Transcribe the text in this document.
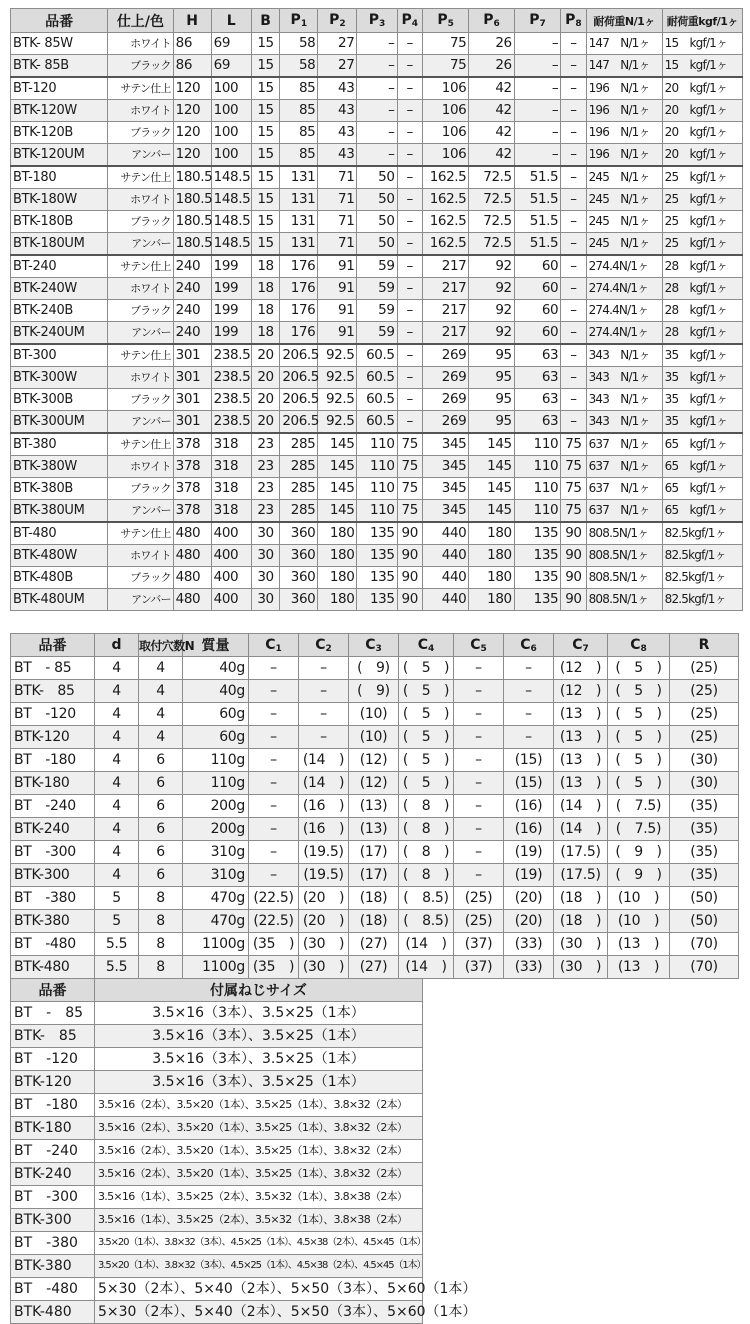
品番	仕上/色	H	L	B	$P_1$	$P_2$	$P_3$	$P_4$	$P_5$	$P_6$	$P_7$	$P_8$	耐荷重N/1ヶ	耐荷重kgf/1ヶ
BTK- 85W	ホワイト	86	69	15	58	27	–	–	75	26	–	–	147　N/1ヶ	15　kgf/1ヶ
BTK- 85B	ブラック	86	69	15	58	27	–	–	75	26	–	–	147　N/1ヶ	15　kgf/1ヶ
BT-120	サテン仕上	120	100	15	85	43	–	–	106	42	–	–	196　N/1ヶ	20　kgf/1ヶ
BTK-120W	ホワイト	120	100	15	85	43	–	–	106	42	–	–	196　N/1ヶ	20　kgf/1ヶ
BTK-120B	ブラック	120	100	15	85	43	–	–	106	42	–	–	196　N/1ヶ	20　kgf/1ヶ
BTK-120UM	アンバー	120	100	15	85	43	–	–	106	42	–	–	196　N/1ヶ	20　kgf/1ヶ
BT-180	サテン仕上	180.5	148.5	15	131	71	50	–	162.5	72.5	51.5	–	245　N/1ヶ	25　kgf/1ヶ
BTK-180W	ホワイト	180.5	148.5	15	131	71	50	–	162.5	72.5	51.5	–	245　N/1ヶ	25　kgf/1ヶ
BTK-180B	ブラック	180.5	148.5	15	131	71	50	–	162.5	72.5	51.5	–	245　N/1ヶ	25　kgf/1ヶ
BTK-180UM	アンバー	180.5	148.5	15	131	71	50	–	162.5	72.5	51.5	–	245　N/1ヶ	25　kgf/1ヶ
BT-240	サテン仕上	240	199	18	176	91	59	–	217	92	60	–	274.4N/1ヶ	28　kgf/1ヶ
BTK-240W	ホワイト	240	199	18	176	91	59	–	217	92	60	–	274.4N/1ヶ	28　kgf/1ヶ
BTK-240B	ブラック	240	199	18	176	91	59	–	217	92	60	–	274.4N/1ヶ	28　kgf/1ヶ
BTK-240UM	アンバー	240	199	18	176	91	59	–	217	92	60	–	274.4N/1ヶ	28　kgf/1ヶ
BT-300	サテン仕上	301	238.5	20	206.5	92.5	60.5	–	269	95	63	–	343　N/1ヶ	35　kgf/1ヶ
BTK-300W	ホワイト	301	238.5	20	206.5	92.5	60.5	–	269	95	63	–	343　N/1ヶ	35　kgf/1ヶ
BTK-300B	ブラック	301	238.5	20	206.5	92.5	60.5	–	269	95	63	–	343　N/1ヶ	35　kgf/1ヶ
BTK-300UM	アンバー	301	238.5	20	206.5	92.5	60.5	–	269	95	63	–	343　N/1ヶ	35　kgf/1ヶ
BT-380	サテン仕上	378	318	23	285	145	110	75	345	145	110	75	637　N/1ヶ	65　kgf/1ヶ
BTK-380W	ホワイト	378	318	23	285	145	110	75	345	145	110	75	637　N/1ヶ	65　kgf/1ヶ
BTK-380B	ブラック	378	318	23	285	145	110	75	345	145	110	75	637　N/1ヶ	65　kgf/1ヶ
BTK-380UM	アンバー	378	318	23	285	145	110	75	345	145	110	75	637　N/1ヶ	65　kgf/1ヶ
BT-480	サテン仕上	480	400	30	360	180	135	90	440	180	135	90	808.5N/1ヶ	82.5kgf/1ヶ
BTK-480W	ホワイト	480	400	30	360	180	135	90	440	180	135	90	808.5N/1ヶ	82.5kgf/1ヶ
BTK-480B	ブラック	480	400	30	360	180	135	90	440	180	135	90	808.5N/1ヶ	82.5kgf/1ヶ
BTK-480UM	アンバー	480	400	30	360	180	135	90	440	180	135	90	808.5N/1ヶ	82.5kgf/1ヶ
品番	d	取付穴数N	質量	$C_1$	$C_2$	$C_3$	$C_4$	$C_5$	$C_6$	$C_7$	$C_8$	R
BT　- 85	4	4	40g	–	–	(　9)	(　5　)	–	–	(12　)	(　5　)	(25)
BTK-　85	4	4	40g	–	–	(　9)	(　5　)	–	–	(12　)	(　5　)	(25)
BT　-120	4	4	60g	–	–	(10)	(　5　)	–	–	(13　)	(　5　)	(25)
BTK-120	4	4	60g	–	–	(10)	(　5　)	–	–	(13　)	(　5　)	(25)
BT　-180	4	6	110g	–	(14　)	(12)	(　5　)	–	(15)	(13　)	(　5　)	(30)
BTK-180	4	6	110g	–	(14　)	(12)	(　5　)	–	(15)	(13　)	(　5　)	(30)
BT　-240	4	6	200g	–	(16　)	(13)	(　8　)	–	(16)	(14　)	(　7.5)	(35)
BTK-240	4	6	200g	–	(16　)	(13)	(　8　)	–	(16)	(14　)	(　7.5)	(35)
BT　-300	4	6	310g	–	(19.5)	(17)	(　8　)	–	(19)	(17.5)	(　9　)	(35)
BTK-300	4	6	310g	–	(19.5)	(17)	(　8　)	–	(19)	(17.5)	(　9　)	(35)
BT　-380	5	8	470g	(22.5)	(20　)	(18)	(　8.5)	(25)	(20)	(18　)	(10　)	(50)
BTK-380	5	8	470g	(22.5)	(20　)	(18)	(　8.5)	(25)	(20)	(18　)	(10　)	(50)
BT　-480	5.5	8	1100g	(35　)	(30　)	(27)	(14　)	(37)	(33)	(30　)	(13　)	(70)
BTK-480	5.5	8	1100g	(35　)	(30　)	(27)	(14　)	(37)	(33)	(30　)	(13　)	(70)
品番	付属ねじサイズ
BT　-　85	3.5×16（3本）、3.5×25（1本）
BTK-　85	3.5×16（3本）、3.5×25（1本）
BT　-120	3.5×16（3本）、3.5×25（1本）
BTK-120	3.5×16（3本）、3.5×25（1本）
BT　-180	3.5×16（2本）、3.5×20（1本）、3.5×25（1本）、3.8×32（2本）
BTK-180	3.5×16（2本）、3.5×20（1本）、3.5×25（1本）、3.8×32（2本）
BT　-240	3.5×16（2本）、3.5×20（1本）、3.5×25（1本）、3.8×32（2本）
BTK-240	3.5×16（2本）、3.5×20（1本）、3.5×25（1本）、3.8×32（2本）
BT　-300	3.5×16（1本）、3.5×25（2本）、3.5×32（1本）、3.8×38（2本）
BTK-300	3.5×16（1本）、3.5×25（2本）、3.5×32（1本）、3.8×38（2本）
BT　-380	3.5×20（1本）、3.8×32（3本）、4.5×25（1本）、4.5×38（2本）、4.5×45（1本）
BTK-380	3.5×20（1本）、3.8×32（3本）、4.5×25（1本）、4.5×38（2本）、4.5×45（1本）
BT　-480	5×30（2本）、5×40（2本）、5×50（3本）、5×60（1本）
BTK-480	5×30（2本）、5×40（2本）、5×50（3本）、5×60（1本）
